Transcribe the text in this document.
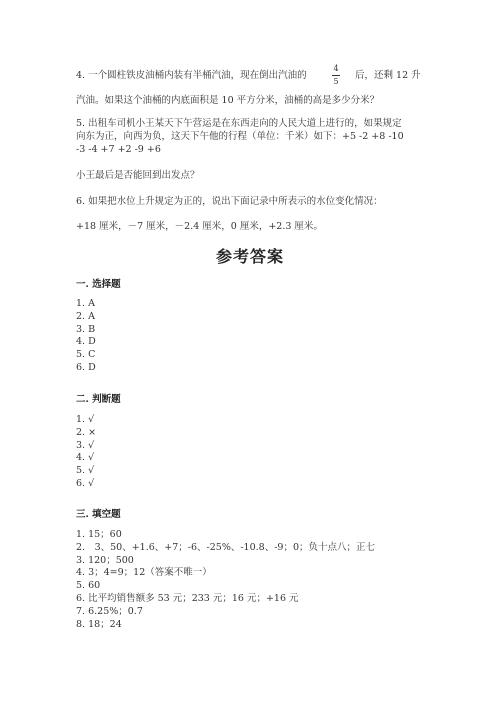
4. 一个圆柱铁皮油桶内装有半桶汽油，现在倒出汽油的
4
5
后，还剩 12 升
汽油。如果这个油桶的内底面积是 10 平方分米，油桶的高是多少分米？
5. 出租车司机小王某天下午营运是在东西走向的人民大道上进行的，如果规定
向东为正，向西为负，这天下午他的行程（单位：千米）如下：+5 -2 +8 -10
-3 -4 +7 +2 -9 +6
小王最后是否能回到出发点？
6. 如果把水位上升规定为正的，说出下面记录中所表示的水位变化情况：
+18 厘米，－7 厘米，－2.4 厘米，0 厘米，+2.3 厘米。
参考答案
一. 选择题
1. A
2. A
3. B
4. D
5. C
6. D
二. 判断题
1. √
2. ×
3. √
4. √
5. √
6. √
三. 填空题
1. 15；60
2.　3、50、+1.6、+7；-6、-25%、-10.8、-9；0；负十点八；正七
3. 120；500
4. 3；4=9；12（答案不唯一）
5. 60
6. 比平均销售额多 53 元；233 元；16 元；+16 元
7. 6.25%；0.7
8. 18；24
